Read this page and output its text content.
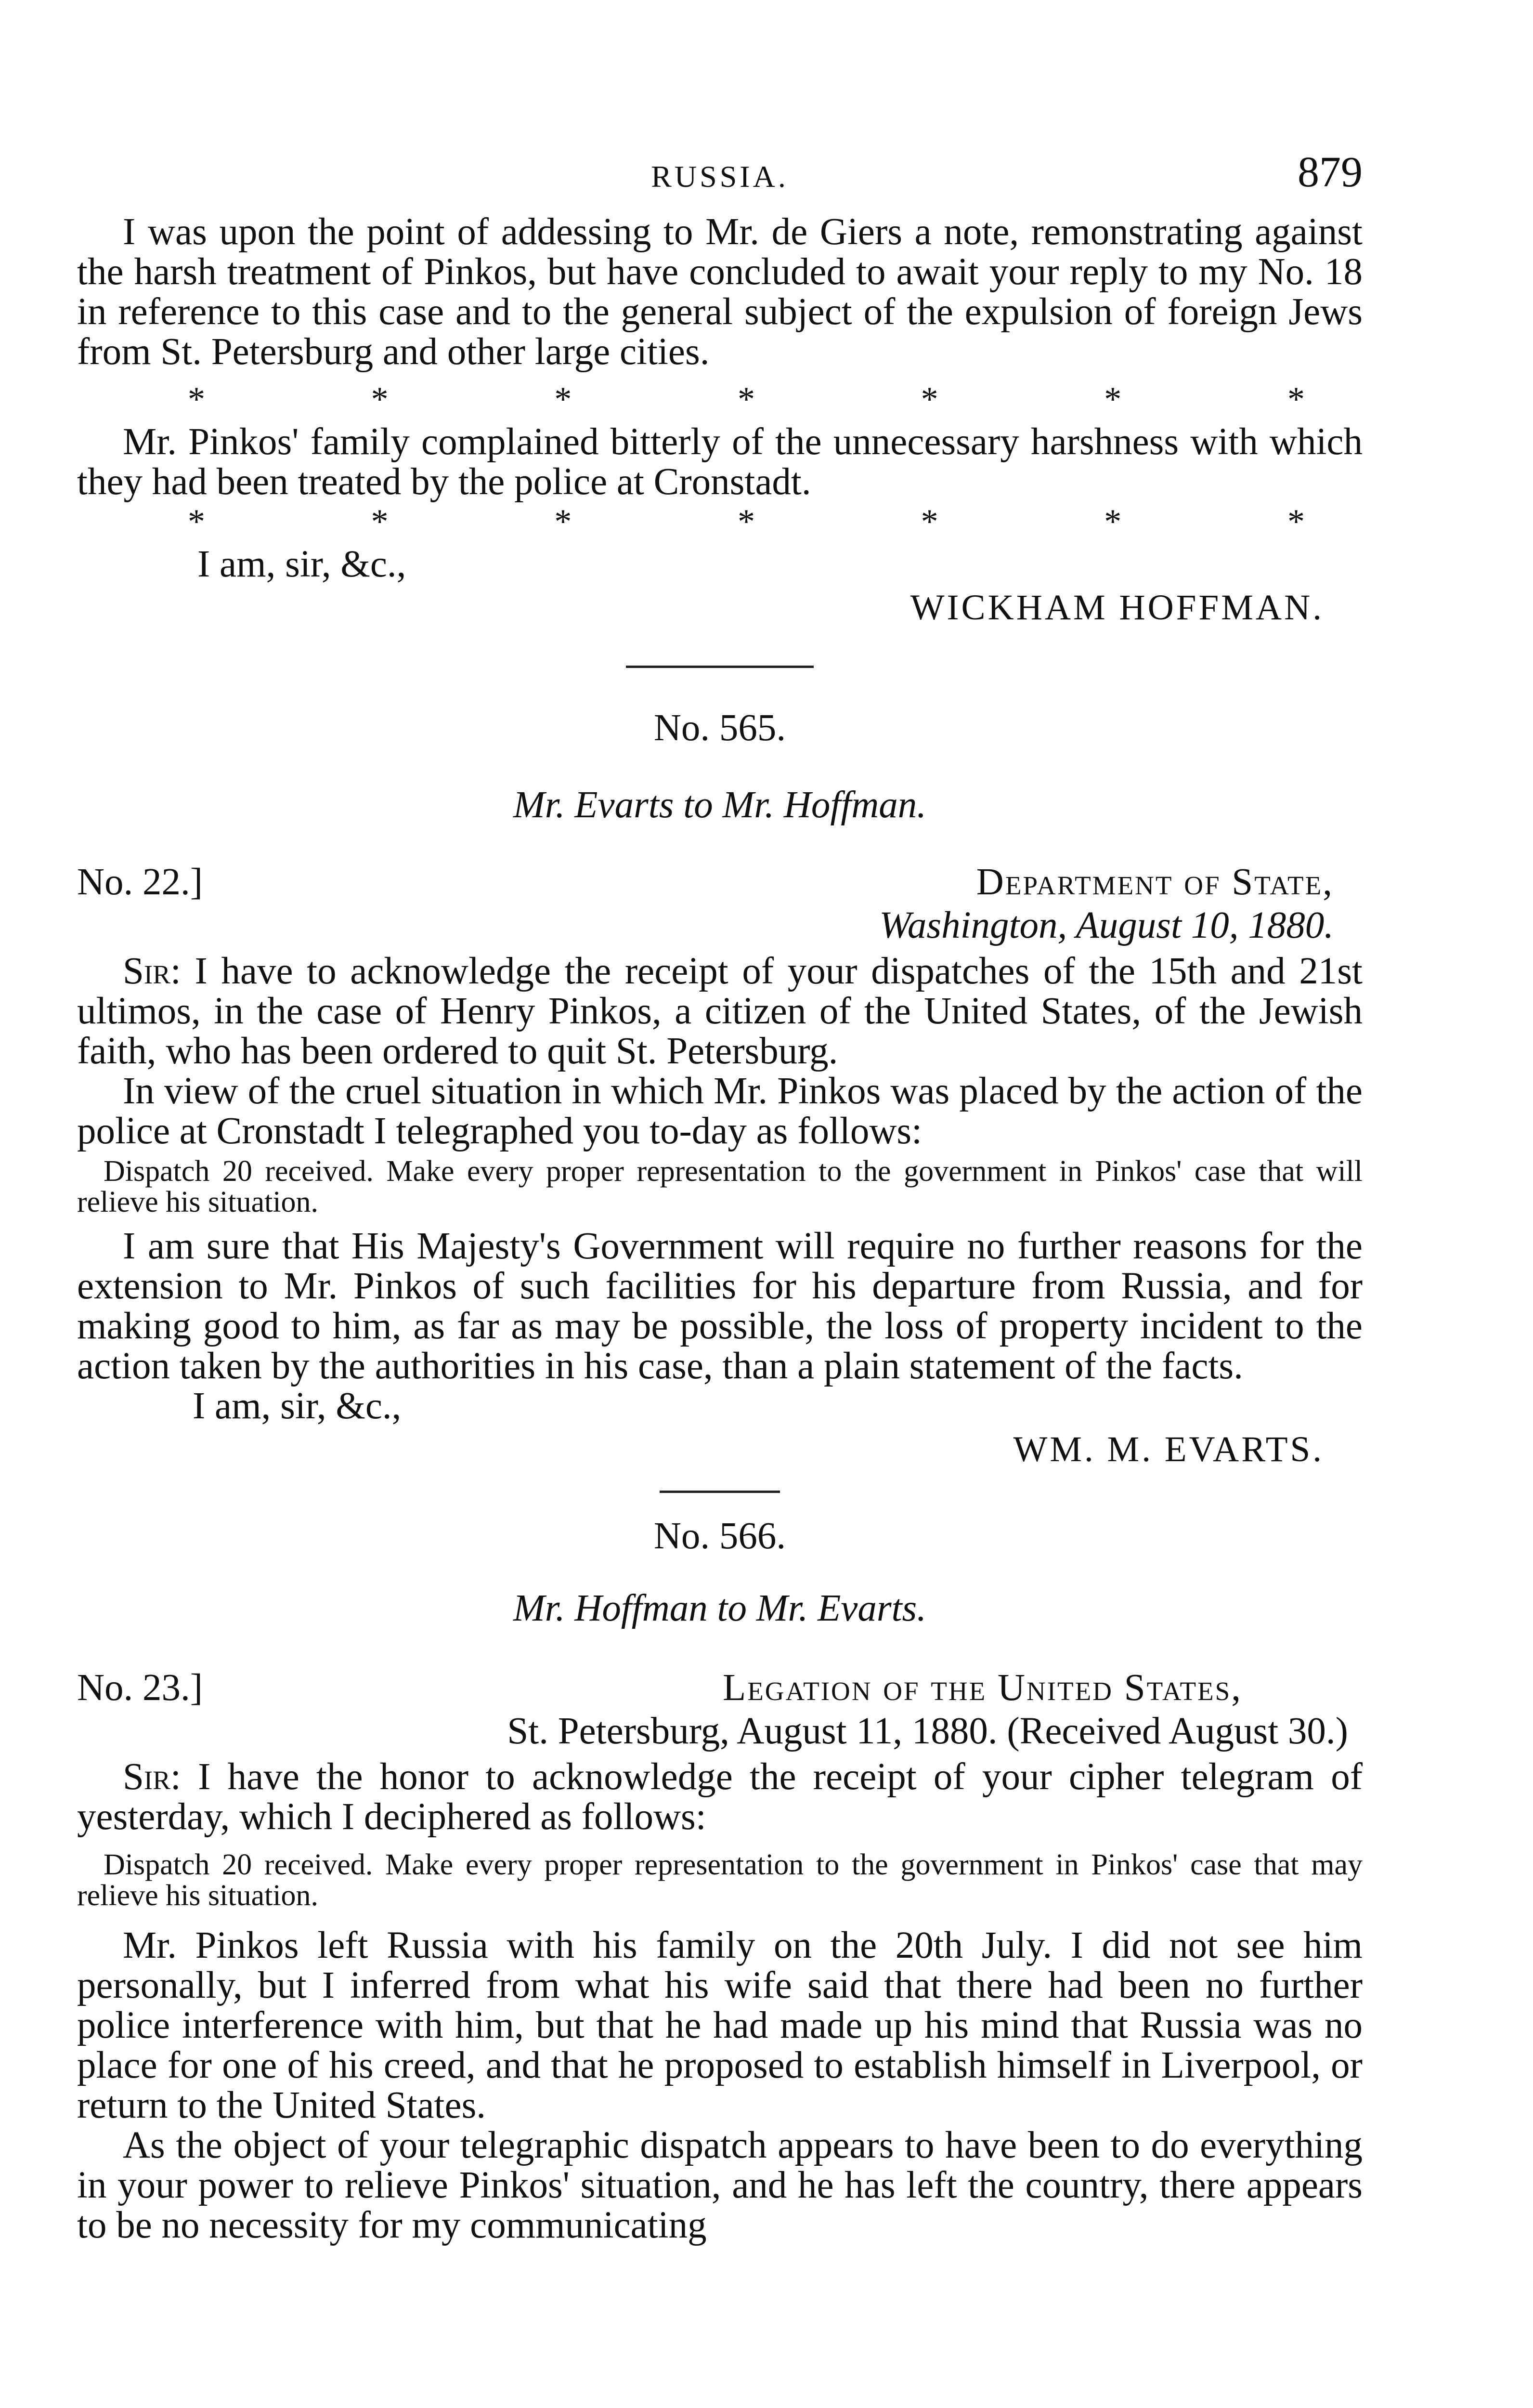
RUSSIA.	879

I was upon the point of addessing to Mr. de Giers a note, remonstrating against the harsh treatment of Pinkos, but have concluded to await your reply to my No. 18 in reference to this case and to the general subject of the expulsion of foreign Jews from St. Petersburg and other large cities.

*	*	*	*	*	*	*

Mr. Pinkos' family complained bitterly of the unnecessary harshness with which they had been treated by the police at Cronstadt.

*	*	*	*	*	*	*

I am, sir, &c.,

WICKHAM HOFFMAN.

No. 565.
Mr. Evarts to Mr. Hoffman.
No. 22.]	Department of State,
Washington, August 10, 1880.

Sir: I have to acknowledge the receipt of your dispatches of the 15th and 21st ultimos, in the case of Henry Pinkos, a citizen of the United States, of the Jewish faith, who has been ordered to quit St. Petersburg.

In view of the cruel situation in which Mr. Pinkos was placed by the action of the police at Cronstadt I telegraphed you to-day as follows:

Dispatch 20 received. Make every proper representation to the government in Pinkos' case that will relieve his situation.

I am sure that His Majesty's Government will require no further reasons for the extension to Mr. Pinkos of such facilities for his departure from Russia, and for making good to him, as far as may be possible, the loss of property incident to the action taken by the authorities in his case, than a plain statement of the facts.

I am, sir, &c.,

WM. M. EVARTS.

No. 566.
Mr. Hoffman to Mr. Evarts.
No. 23.]	Legation of the United States,
St. Petersburg, August 11, 1880. (Received August 30.)

Sir: I have the honor to acknowledge the receipt of your cipher telegram of yesterday, which I deciphered as follows:

Dispatch 20 received. Make every proper representation to the government in Pinkos' case that may relieve his situation.

Mr. Pinkos left Russia with his family on the 20th July. I did not see him personally, but I inferred from what his wife said that there had been no further police interference with him, but that he had made up his mind that Russia was no place for one of his creed, and that he proposed to establish himself in Liverpool, or return to the United States.

As the object of your telegraphic dispatch appears to have been to do everything in your power to relieve Pinkos' situation, and he has left the country, there appears to be no necessity for my communicating
